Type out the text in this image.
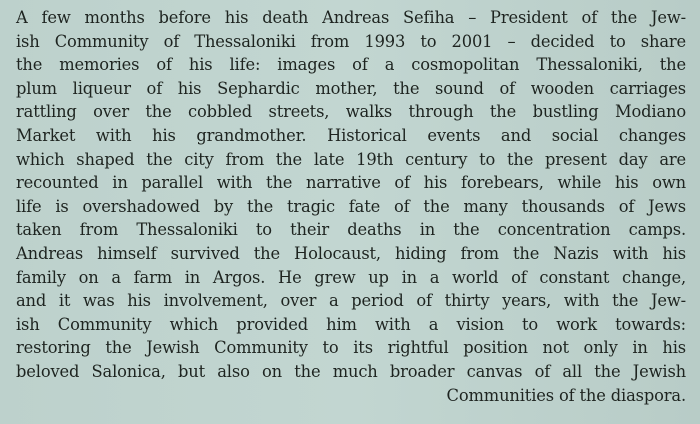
A few months before his death Andreas Sefiha – President of the Jew-
ish Community of Thessaloniki from 1993 to 2001 – decided to share
the memories of his life: images of a cosmopolitan Thessaloniki, the
plum liqueur of his Sephardic mother, the sound of wooden carriages
rattling over the cobbled streets, walks through the bustling Modiano
Market with his grandmother. Historical events and social changes
which shaped the city from the late 19th century to the present day are
recounted in parallel with the narrative of his forebears, while his own
life is overshadowed by the tragic fate of the many thousands of Jews
taken from Thessaloniki to their deaths in the concentration camps.
Andreas himself survived the Holocaust, hiding from the Nazis with his
family on a farm in Argos. He grew up in a world of constant change,
and it was his involvement, over a period of thirty years, with the Jew-
ish Community which provided him with a vision to work towards:
restoring the Jewish Community to its rightful position not only in his
beloved Salonica, but also on the much broader canvas of all the Jewish
Communities of the diaspora.
